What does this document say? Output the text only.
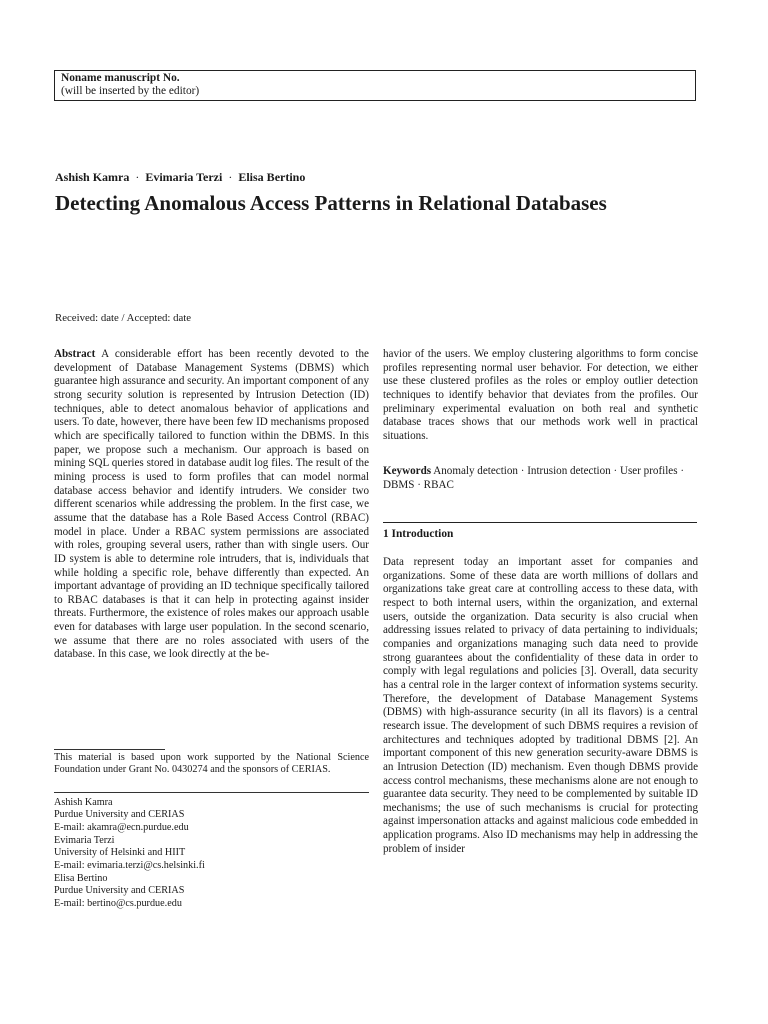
Noname manuscript No.
(will be inserted by the editor)
Ashish Kamra · Evimaria Terzi · Elisa Bertino
Detecting Anomalous Access Patterns in Relational Databases
Received: date / Accepted: date

Abstract A considerable effort has been recently devoted to the development of Database Management Systems (DBMS) which guarantee high assurance and security. An important component of any strong security solution is represented by Intrusion Detection (ID) techniques, able to detect anomalous behavior of applications and users. To date, however, there have been few ID mechanisms proposed which are specifically tailored to function within the DBMS. In this paper, we propose such a mechanism. Our approach is based on mining SQL queries stored in database audit log files. The result of the mining process is used to form profiles that can model normal database access behavior and identify intruders. We consider two different scenarios while addressing the problem. In the first case, we assume that the database has a Role Based Access Control (RBAC) model in place. Under a RBAC system permissions are associated with roles, grouping several users, rather than with single users. Our ID system is able to determine role intruders, that is, individuals that while holding a specific role, behave differently than expected. An important advantage of providing an ID technique specifically tailored to RBAC databases is that it can help in protecting against insider threats. Furthermore, the existence of roles makes our approach usable even for databases with large user population. In the second scenario, we assume that there are no roles associated with users of the database. In this case, we look directly at the be-

This material is based upon work supported by the National Science Foundation under Grant No. 0430274 and the sponsors of CERIAS.
Ashish Kamra
Purdue University and CERIAS
E-mail: akamra@ecn.purdue.edu
Evimaria Terzi
University of Helsinki and HIIT
E-mail: evimaria.terzi@cs.helsinki.fi
Elisa Bertino
Purdue University and CERIAS
E-mail: bertino@cs.purdue.edu

havior of the users. We employ clustering algorithms to form concise profiles representing normal user behavior. For detection, we either use these clustered profiles as the roles or employ outlier detection techniques to identify behavior that deviates from the profiles. Our preliminary experimental evaluation on both real and synthetic database traces shows that our methods work well in practical situations.

Keywords Anomaly detection · Intrusion detection · User profiles · DBMS · RBAC
1 Introduction

Data represent today an important asset for companies and organizations. Some of these data are worth millions of dollars and organizations take great care at controlling access to these data, with respect to both internal users, within the organization, and external users, outside the organization. Data security is also crucial when addressing issues related to privacy of data pertaining to individuals; companies and organizations managing such data need to provide strong guarantees about the confidentiality of these data in order to comply with legal regulations and policies [3]. Overall, data security has a central role in the larger context of information systems security. Therefore, the development of Database Management Systems (DBMS) with high-assurance security (in all its flavors) is a central research issue. The development of such DBMS requires a revision of architectures and techniques adopted by traditional DBMS [2]. An important component of this new generation security-aware DBMS is an Intrusion Detection (ID) mechanism. Even though DBMS provide access control mechanisms, these mechanisms alone are not enough to guarantee data security. They need to be complemented by suitable ID mechanisms; the use of such mechanisms is crucial for protecting against impersonation attacks and against malicious code embedded in application programs. Also ID mechanisms may help in addressing the problem of insider
